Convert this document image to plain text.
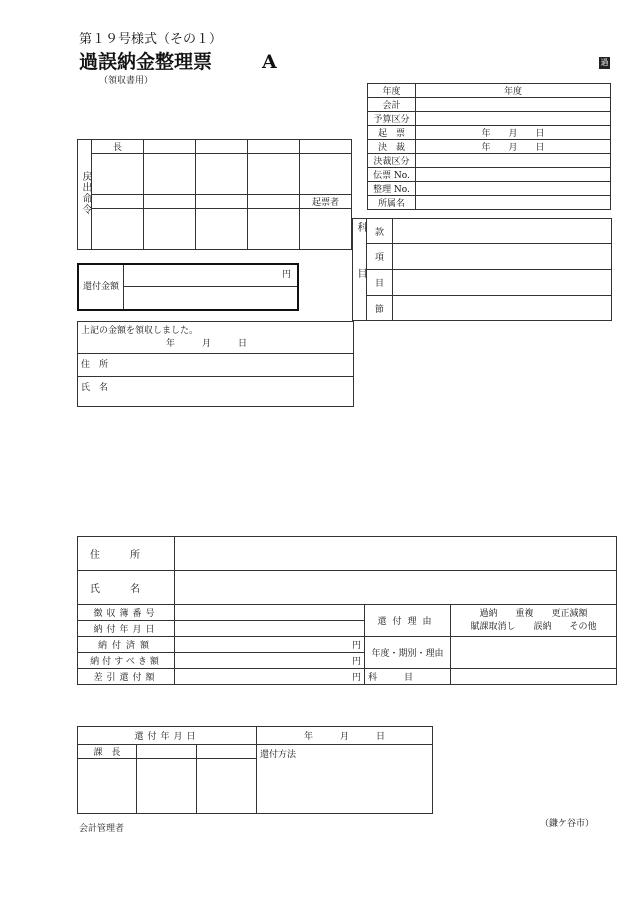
第１９号様式（その１）
過誤納金整理票	A
（領収書用）
過
年度	年度
会計	
予算区分	
起　票	年　　月　　日
決　裁	年　　月　　日
決裁区分	
伝票 No.	
整理 No.	
所属名	
戻出命令	長				

					起票者

科目	款	
	項	
	目	
	節	
還付金額
円
上記の金額を領収しました。
年　　　月　　　日
住　所
氏　名
住　　　所	
氏　　　名	
徴収簿番号		還付理由	過納　　重複　　更正減額
賦課取消し　　誤納　　その他

納付年月日			
納付済額	円	年度・期別・理由	
納付すべき額	円		
差引還付額	円	科　　　目	
還付年月日			年　　　月　　　日
課　長			還付方法

会計管理者	（鎌ケ谷市）
